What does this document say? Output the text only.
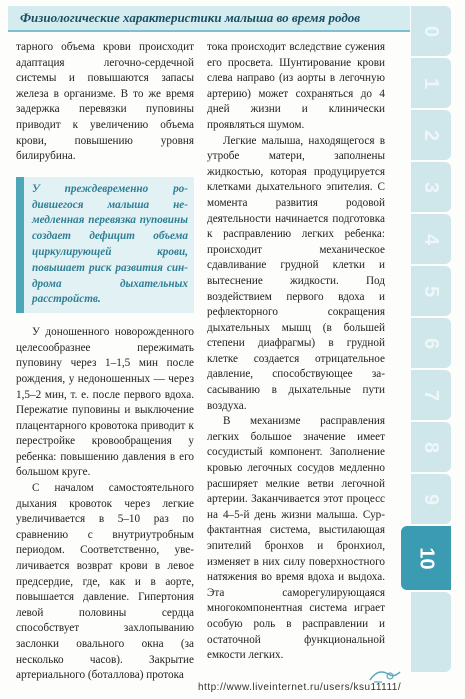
Физиологические характеристики малыша во время родов

тарного объема крови происходит адаптация легочно-сердечной системы и повышаются запасы железа в организме. В то же время задержка перевязки пуповины приводит к увеличению объема крови, повышению уровня билирубина.

У преждевременно родившегося малыша немедленная перевязка пуповины создает дефицит объема циркулирующей крови, повышает риск развития синдрома дыхательных расстройств.

У доношенного новорожденного целесообразнее пережимать пуповину через 1–1,5 мин после рождения, у недоношенных — через 1,5–2 мин, т. е. после первого вдоха. Пережатие пуповины и выключение плацентарного кровотока приводит к перестройке кровообращения у ребенка: повышению давления в его большом круге.

С началом самостоятельного дыхания кровоток через легкие увеличивается в 5–10 раз по сравнению с внутриутробным периодом. Соответственно, увеличивается возврат крови в левое предсердие, где, как и в аорте, повышается давление. Гипертония левой половины сердца способствует захлопыванию заслонки овального окна (за несколько часов). Закрытие артериального (боталлова) протока

тока происходит вследствие сужения его просвета. Шунтирование крови слева направо (из аорты в легочную артерию) может сохраняться до 4 дней жизни и клинически проявляться шумом.

Легкие малыша, находящегося в утробе матери, заполнены жидкостью, которая продуцируется клетками дыхательного эпителия. С момента развития родовой деятельности начинается подготовка к расправлению легких ребенка: происходит механическое сдавливание грудной клетки и вытеснение жидкости. Под воздействием первого вдоха и рефлекторного сокращения дыхательных мышц (в большей степени диафрагмы) в грудной клетке создается отрицательное давление, способствующее засасыванию в дыхательные пути воздуха.

В механизме расправления легких большое значение имеет сосудистый компонент. Заполнение кровью легочных сосудов медленно расширяет мелкие ветви легочной артерии. Заканчивается этот процесс на 4–5-й день жизни малыша. Сурфактантная система, выстилающая эпителий бронхов и бронхиол, изменяет в них силу поверхностного натяжения во время вдоха и выдоха. Эта саморегулирующаяся многокомпонентная система играет особую роль в расправлении и остаточной функциональной емкости легких.

0
1
2
3
4
5
6
7
8
9
10
http://www.liveinternet.ru/users/ksu11111/
